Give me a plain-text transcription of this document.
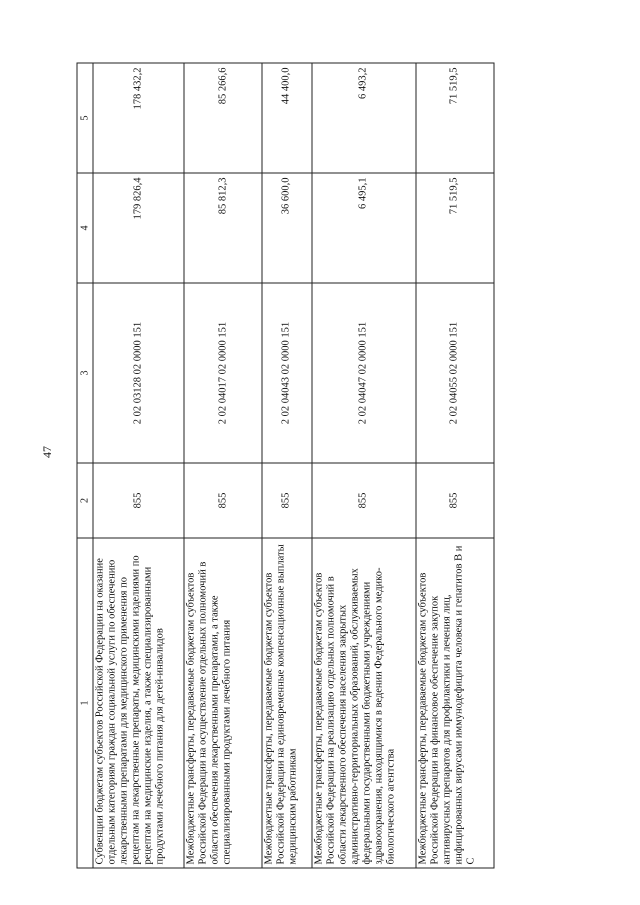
47
1	2	3	4	5
Субвенции бюджетам субъектов Российской Федерации на оказание отдельным категориям граждан социальной услуги по обеспечению лекарственными препаратами для медицинского применения по рецептам на лекарственные препараты, медицинскими изделиями по рецептам на медицинские изделия, а также специализированными продуктами лечебного питания для детей-инвалидов	855	2 02 03128 02 0000 151	179 826,4	178 432,2
Межбюджетные трансферты, передаваемые бюджетам субъектов Российской Федерации на осуществление отдельных полномочий в области обеспечения лекарственными препаратами, а также специализированными продуктами лечебного питания	855	2 02 04017 02 0000 151	85 812,3	85 266,6
Межбюджетные трансферты, передаваемые бюджетам субъектов Российской Федерации на единовременные компенсационные выплаты медицинским работникам	855	2 02 04043 02 0000 151	36 600,0	44 400,0
Межбюджетные трансферты, передаваемые бюджетам субъектов Российской Федерации на реализацию отдельных полномочий в области лекарственного обеспечения населения закрытых административно-территориальных образований, обслуживаемых федеральными государственными бюджетными учреждениями здравоохранения, находящимися в ведении Федерального медико-биологического агентства	855	2 02 04047 02 0000 151	6 495,1	6 493,2
Межбюджетные трансферты, передаваемые бюджетам субъектов Российской Федерации на финансовое обеспечение закупок антивирусных препаратов для профилактики и лечения лиц, инфицированных вирусами иммунодефицита человека и гепатитов В и С	855	2 02 04055 02 0000 151	71 519,5	71 519,5
